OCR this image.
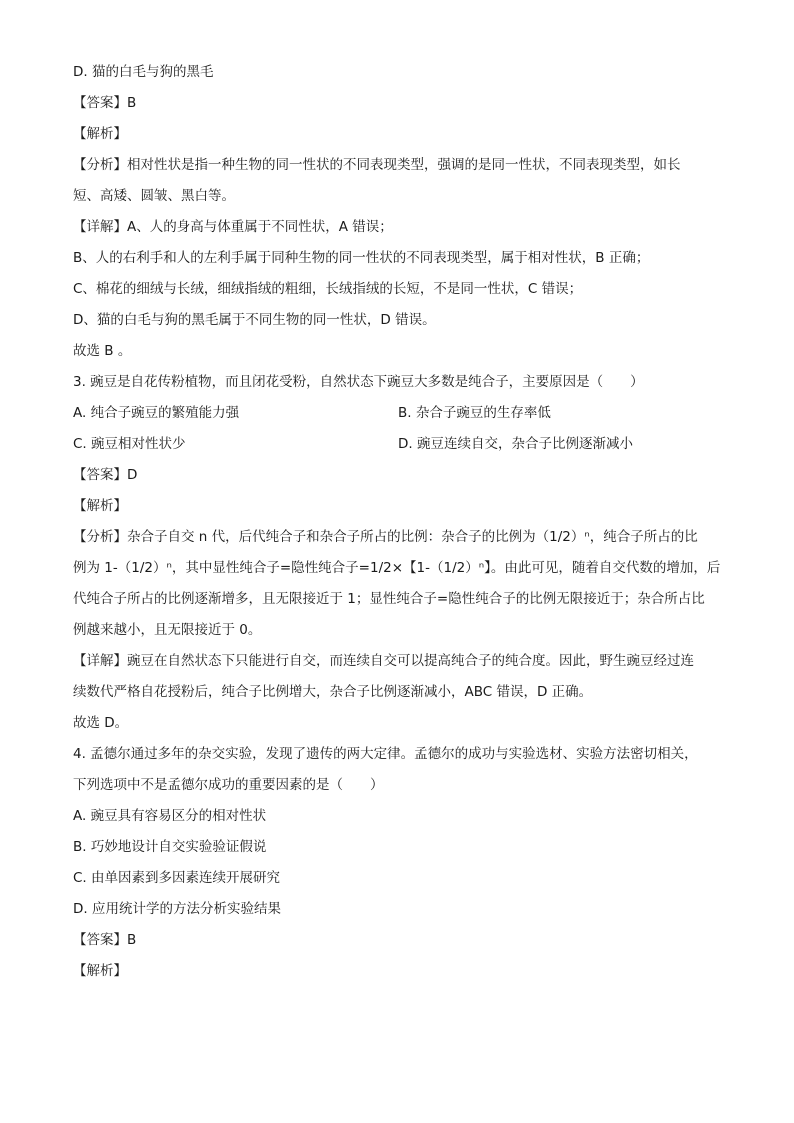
D. 猫的白毛与狗的黑毛

【答案】B

【解析】

【分析】相对性状是指一种生物的同一性状的不同表现类型，强调的是同一性状，不同表现类型，如长

短、高矮、圆皱、黑白等。

【详解】A、人的身高与体重属于不同性状，A 错误；

B、人的右利手和人的左利手属于同种生物的同一性状的不同表现类型，属于相对性状，B 正确；

C、棉花的细绒与长绒，细绒指绒的粗细，长绒指绒的长短，不是同一性状，C 错误；

D、猫的白毛与狗的黑毛属于不同生物的同一性状，D 错误。

故选 B 。

3. 豌豆是自花传粉植物，而且闭花受粉，自然状态下豌豆大多数是纯合子，主要原因是（　　）

A. 纯合子豌豆的繁殖能力强	B. 杂合子豌豆的生存率低
C. 豌豆相对性状少	D. 豌豆连续自交，杂合子比例逐渐减小

【答案】D

【解析】

【分析】杂合子自交 n 代，后代纯合子和杂合子所占的比例：杂合子的比例为（1/2）ⁿ，纯合子所占的比

例为 1-（1/2）ⁿ，其中显性纯合子=隐性纯合子=1/2×【1-（1/2）ⁿ】。由此可见，随着自交代数的增加，后

代纯合子所占的比例逐渐增多，且无限接近于 1；显性纯合子=隐性纯合子的比例无限接近于；杂合所占比

例越来越小，且无限接近于 0。

【详解】豌豆在自然状态下只能进行自交，而连续自交可以提高纯合子的纯合度。因此，野生豌豆经过连

续数代严格自花授粉后，纯合子比例增大，杂合子比例逐渐减小，ABC 错误，D 正确。

故选 D。

4. 孟德尔通过多年的杂交实验，发现了遗传的两大定律。孟德尔的成功与实验选材、实验方法密切相关，

下列选项中不是孟德尔成功的重要因素的是（　　）

A. 豌豆具有容易区分的相对性状

B. 巧妙地设计自交实验验证假说

C. 由单因素到多因素连续开展研究

D. 应用统计学的方法分析实验结果

【答案】B

【解析】
